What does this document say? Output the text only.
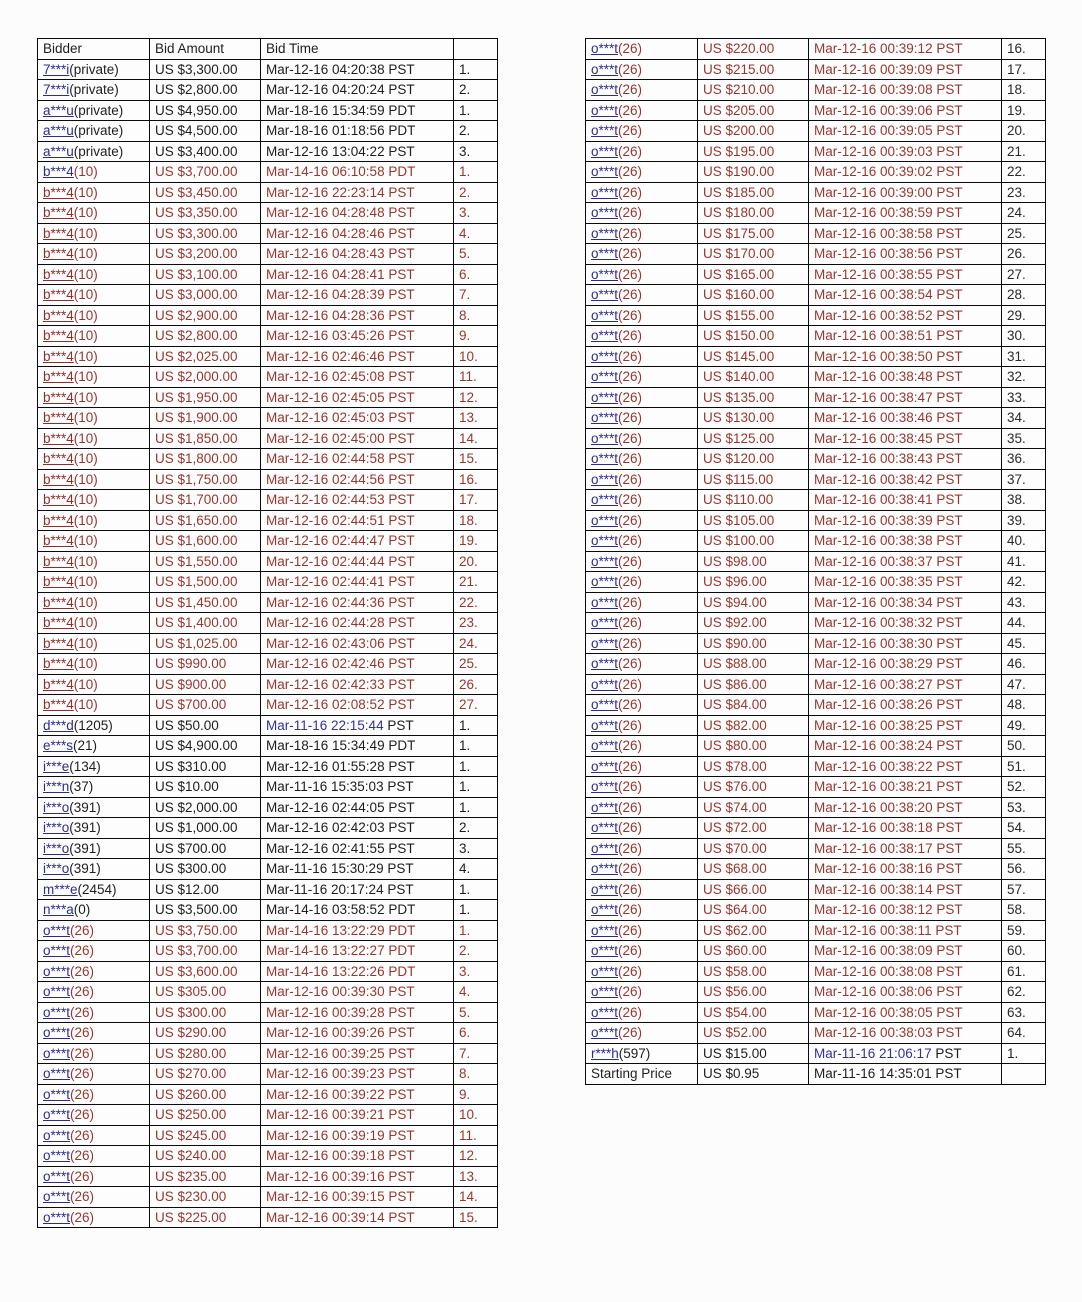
Bidder	Bid Amount	Bid Time	
7***i(private)	US $3,300.00	Mar-12-16 04:20:38 PST	1.
7***i(private)	US $2,800.00	Mar-12-16 04:20:24 PST	2.
a***u(private)	US $4,950.00	Mar-18-16 15:34:59 PDT	1.
a***u(private)	US $4,500.00	Mar-18-16 01:18:56 PDT	2.
a***u(private)	US $3,400.00	Mar-12-16 13:04:22 PST	3.
b***4(10)	US $3,700.00	Mar-14-16 06:10:58 PDT	1.
b***4(10)	US $3,450.00	Mar-12-16 22:23:14 PST	2.
b***4(10)	US $3,350.00	Mar-12-16 04:28:48 PST	3.
b***4(10)	US $3,300.00	Mar-12-16 04:28:46 PST	4.
b***4(10)	US $3,200.00	Mar-12-16 04:28:43 PST	5.
b***4(10)	US $3,100.00	Mar-12-16 04:28:41 PST	6.
b***4(10)	US $3,000.00	Mar-12-16 04:28:39 PST	7.
b***4(10)	US $2,900.00	Mar-12-16 04:28:36 PST	8.
b***4(10)	US $2,800.00	Mar-12-16 03:45:26 PST	9.
b***4(10)	US $2,025.00	Mar-12-16 02:46:46 PST	10.
b***4(10)	US $2,000.00	Mar-12-16 02:45:08 PST	11.
b***4(10)	US $1,950.00	Mar-12-16 02:45:05 PST	12.
b***4(10)	US $1,900.00	Mar-12-16 02:45:03 PST	13.
b***4(10)	US $1,850.00	Mar-12-16 02:45:00 PST	14.
b***4(10)	US $1,800.00	Mar-12-16 02:44:58 PST	15.
b***4(10)	US $1,750.00	Mar-12-16 02:44:56 PST	16.
b***4(10)	US $1,700.00	Mar-12-16 02:44:53 PST	17.
b***4(10)	US $1,650.00	Mar-12-16 02:44:51 PST	18.
b***4(10)	US $1,600.00	Mar-12-16 02:44:47 PST	19.
b***4(10)	US $1,550.00	Mar-12-16 02:44:44 PST	20.
b***4(10)	US $1,500.00	Mar-12-16 02:44:41 PST	21.
b***4(10)	US $1,450.00	Mar-12-16 02:44:36 PST	22.
b***4(10)	US $1,400.00	Mar-12-16 02:44:28 PST	23.
b***4(10)	US $1,025.00	Mar-12-16 02:43:06 PST	24.
b***4(10)	US $990.00	Mar-12-16 02:42:46 PST	25.
b***4(10)	US $900.00	Mar-12-16 02:42:33 PST	26.
b***4(10)	US $700.00	Mar-12-16 02:08:52 PST	27.
d***d(1205)	US $50.00	Mar-11-16 22:15:44 PST	1.
e***s(21)	US $4,900.00	Mar-18-16 15:34:49 PDT	1.
i***e(134)	US $310.00	Mar-12-16 01:55:28 PST	1.
i***n(37)	US $10.00	Mar-11-16 15:35:03 PST	1.
i***o(391)	US $2,000.00	Mar-12-16 02:44:05 PST	1.
i***o(391)	US $1,000.00	Mar-12-16 02:42:03 PST	2.
i***o(391)	US $700.00	Mar-12-16 02:41:55 PST	3.
i***o(391)	US $300.00	Mar-11-16 15:30:29 PST	4.
m***e(2454)	US $12.00	Mar-11-16 20:17:24 PST	1.
n***a(0)	US $3,500.00	Mar-14-16 03:58:52 PDT	1.
o***t(26)	US $3,750.00	Mar-14-16 13:22:29 PDT	1.
o***t(26)	US $3,700.00	Mar-14-16 13:22:27 PDT	2.
o***t(26)	US $3,600.00	Mar-14-16 13:22:26 PDT	3.
o***t(26)	US $305.00	Mar-12-16 00:39:30 PST	4.
o***t(26)	US $300.00	Mar-12-16 00:39:28 PST	5.
o***t(26)	US $290.00	Mar-12-16 00:39:26 PST	6.
o***t(26)	US $280.00	Mar-12-16 00:39:25 PST	7.
o***t(26)	US $270.00	Mar-12-16 00:39:23 PST	8.
o***t(26)	US $260.00	Mar-12-16 00:39:22 PST	9.
o***t(26)	US $250.00	Mar-12-16 00:39:21 PST	10.
o***t(26)	US $245.00	Mar-12-16 00:39:19 PST	11.
o***t(26)	US $240.00	Mar-12-16 00:39:18 PST	12.
o***t(26)	US $235.00	Mar-12-16 00:39:16 PST	13.
o***t(26)	US $230.00	Mar-12-16 00:39:15 PST	14.
o***t(26)	US $225.00	Mar-12-16 00:39:14 PST	15.
o***t(26)	US $220.00	Mar-12-16 00:39:12 PST	16.
o***t(26)	US $215.00	Mar-12-16 00:39:09 PST	17.
o***t(26)	US $210.00	Mar-12-16 00:39:08 PST	18.
o***t(26)	US $205.00	Mar-12-16 00:39:06 PST	19.
o***t(26)	US $200.00	Mar-12-16 00:39:05 PST	20.
o***t(26)	US $195.00	Mar-12-16 00:39:03 PST	21.
o***t(26)	US $190.00	Mar-12-16 00:39:02 PST	22.
o***t(26)	US $185.00	Mar-12-16 00:39:00 PST	23.
o***t(26)	US $180.00	Mar-12-16 00:38:59 PST	24.
o***t(26)	US $175.00	Mar-12-16 00:38:58 PST	25.
o***t(26)	US $170.00	Mar-12-16 00:38:56 PST	26.
o***t(26)	US $165.00	Mar-12-16 00:38:55 PST	27.
o***t(26)	US $160.00	Mar-12-16 00:38:54 PST	28.
o***t(26)	US $155.00	Mar-12-16 00:38:52 PST	29.
o***t(26)	US $150.00	Mar-12-16 00:38:51 PST	30.
o***t(26)	US $145.00	Mar-12-16 00:38:50 PST	31.
o***t(26)	US $140.00	Mar-12-16 00:38:48 PST	32.
o***t(26)	US $135.00	Mar-12-16 00:38:47 PST	33.
o***t(26)	US $130.00	Mar-12-16 00:38:46 PST	34.
o***t(26)	US $125.00	Mar-12-16 00:38:45 PST	35.
o***t(26)	US $120.00	Mar-12-16 00:38:43 PST	36.
o***t(26)	US $115.00	Mar-12-16 00:38:42 PST	37.
o***t(26)	US $110.00	Mar-12-16 00:38:41 PST	38.
o***t(26)	US $105.00	Mar-12-16 00:38:39 PST	39.
o***t(26)	US $100.00	Mar-12-16 00:38:38 PST	40.
o***t(26)	US $98.00	Mar-12-16 00:38:37 PST	41.
o***t(26)	US $96.00	Mar-12-16 00:38:35 PST	42.
o***t(26)	US $94.00	Mar-12-16 00:38:34 PST	43.
o***t(26)	US $92.00	Mar-12-16 00:38:32 PST	44.
o***t(26)	US $90.00	Mar-12-16 00:38:30 PST	45.
o***t(26)	US $88.00	Mar-12-16 00:38:29 PST	46.
o***t(26)	US $86.00	Mar-12-16 00:38:27 PST	47.
o***t(26)	US $84.00	Mar-12-16 00:38:26 PST	48.
o***t(26)	US $82.00	Mar-12-16 00:38:25 PST	49.
o***t(26)	US $80.00	Mar-12-16 00:38:24 PST	50.
o***t(26)	US $78.00	Mar-12-16 00:38:22 PST	51.
o***t(26)	US $76.00	Mar-12-16 00:38:21 PST	52.
o***t(26)	US $74.00	Mar-12-16 00:38:20 PST	53.
o***t(26)	US $72.00	Mar-12-16 00:38:18 PST	54.
o***t(26)	US $70.00	Mar-12-16 00:38:17 PST	55.
o***t(26)	US $68.00	Mar-12-16 00:38:16 PST	56.
o***t(26)	US $66.00	Mar-12-16 00:38:14 PST	57.
o***t(26)	US $64.00	Mar-12-16 00:38:12 PST	58.
o***t(26)	US $62.00	Mar-12-16 00:38:11 PST	59.
o***t(26)	US $60.00	Mar-12-16 00:38:09 PST	60.
o***t(26)	US $58.00	Mar-12-16 00:38:08 PST	61.
o***t(26)	US $56.00	Mar-12-16 00:38:06 PST	62.
o***t(26)	US $54.00	Mar-12-16 00:38:05 PST	63.
o***t(26)	US $52.00	Mar-12-16 00:38:03 PST	64.
r***h(597)	US $15.00	Mar-11-16 21:06:17 PST	1.
Starting Price	US $0.95	Mar-11-16 14:35:01 PST	
